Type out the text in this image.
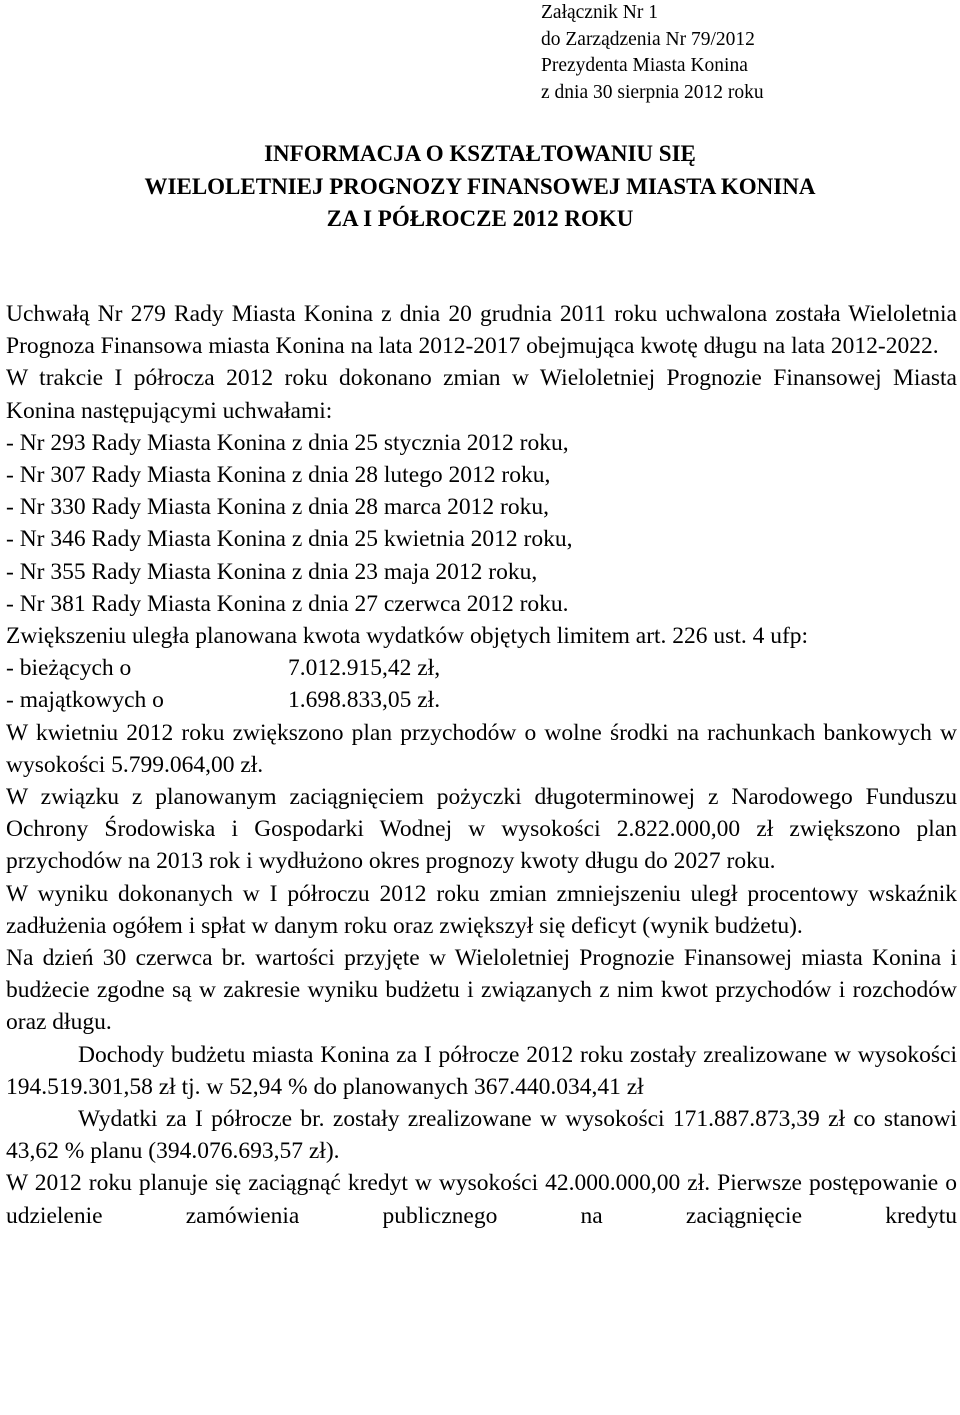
Załącznik Nr 1
do Zarządzenia Nr 79/2012
Prezydenta Miasta Konina
z dnia 30 sierpnia 2012 roku
INFORMACJA O KSZTAŁTOWANIU SIĘ
WIELOLETNIEJ PROGNOZY FINANSOWEJ MIASTA KONINA
ZA I PÓŁROCZE 2012 ROKU

Uchwałą Nr 279 Rady Miasta Konina z dnia 20 grudnia 2011 roku uchwalona została Wieloletnia Prognoza Finansowa miasta Konina na lata 2012-2017 obejmująca kwotę długu na lata 2012-2022.

W trakcie I półrocza 2012 roku dokonano zmian w Wieloletniej Prognozie Finansowej Miasta Konina następującymi uchwałami:

- Nr 293 Rady Miasta Konina z dnia 25 stycznia 2012 roku,

- Nr 307 Rady Miasta Konina z dnia 28 lutego 2012 roku,

- Nr 330 Rady Miasta Konina z dnia 28 marca 2012 roku,

- Nr 346 Rady Miasta Konina z dnia 25 kwietnia 2012 roku,

- Nr 355 Rady Miasta Konina z dnia 23 maja 2012 roku,

- Nr 381 Rady Miasta Konina z dnia 27 czerwca 2012 roku.

Zwiększeniu uległa planowana kwota wydatków objętych limitem art. 226 ust. 4 ufp:

- bieżących o	7.012.915,42 zł,
- majątkowych o	1.698.833,05 zł.

W kwietniu 2012 roku zwiększono plan przychodów o wolne środki na rachunkach bankowych w wysokości 5.799.064,00 zł.

W związku z planowanym zaciągnięciem pożyczki długoterminowej z Narodowego Funduszu Ochrony Środowiska i Gospodarki Wodnej w wysokości 2.822.000,00 zł zwiększono plan przychodów na 2013 rok i wydłużono okres prognozy kwoty długu do 2027 roku.

W wyniku dokonanych w I półroczu 2012 roku zmian zmniejszeniu uległ procentowy wskaźnik zadłużenia ogółem i spłat w danym roku oraz zwiększył się deficyt (wynik budżetu).

Na dzień 30 czerwca br. wartości przyjęte w Wieloletniej Prognozie Finansowej miasta Konina i budżecie zgodne są w zakresie wyniku budżetu i związanych z nim kwot przychodów i rozchodów oraz długu.

Dochody budżetu miasta Konina za I półrocze 2012 roku zostały zrealizowane w wysokości 194.519.301,58 zł tj. w 52,94 % do planowanych 367.440.034,41 zł

Wydatki za I półrocze br. zostały zrealizowane w wysokości 171.887.873,39 zł co stanowi 43,62 % planu (394.076.693,57 zł).

W 2012 roku planuje się zaciągnąć kredyt w wysokości 42.000.000,00 zł. Pierwsze postępowanie o udzielenie zamówienia publicznego na zaciągnięcie kredytu
